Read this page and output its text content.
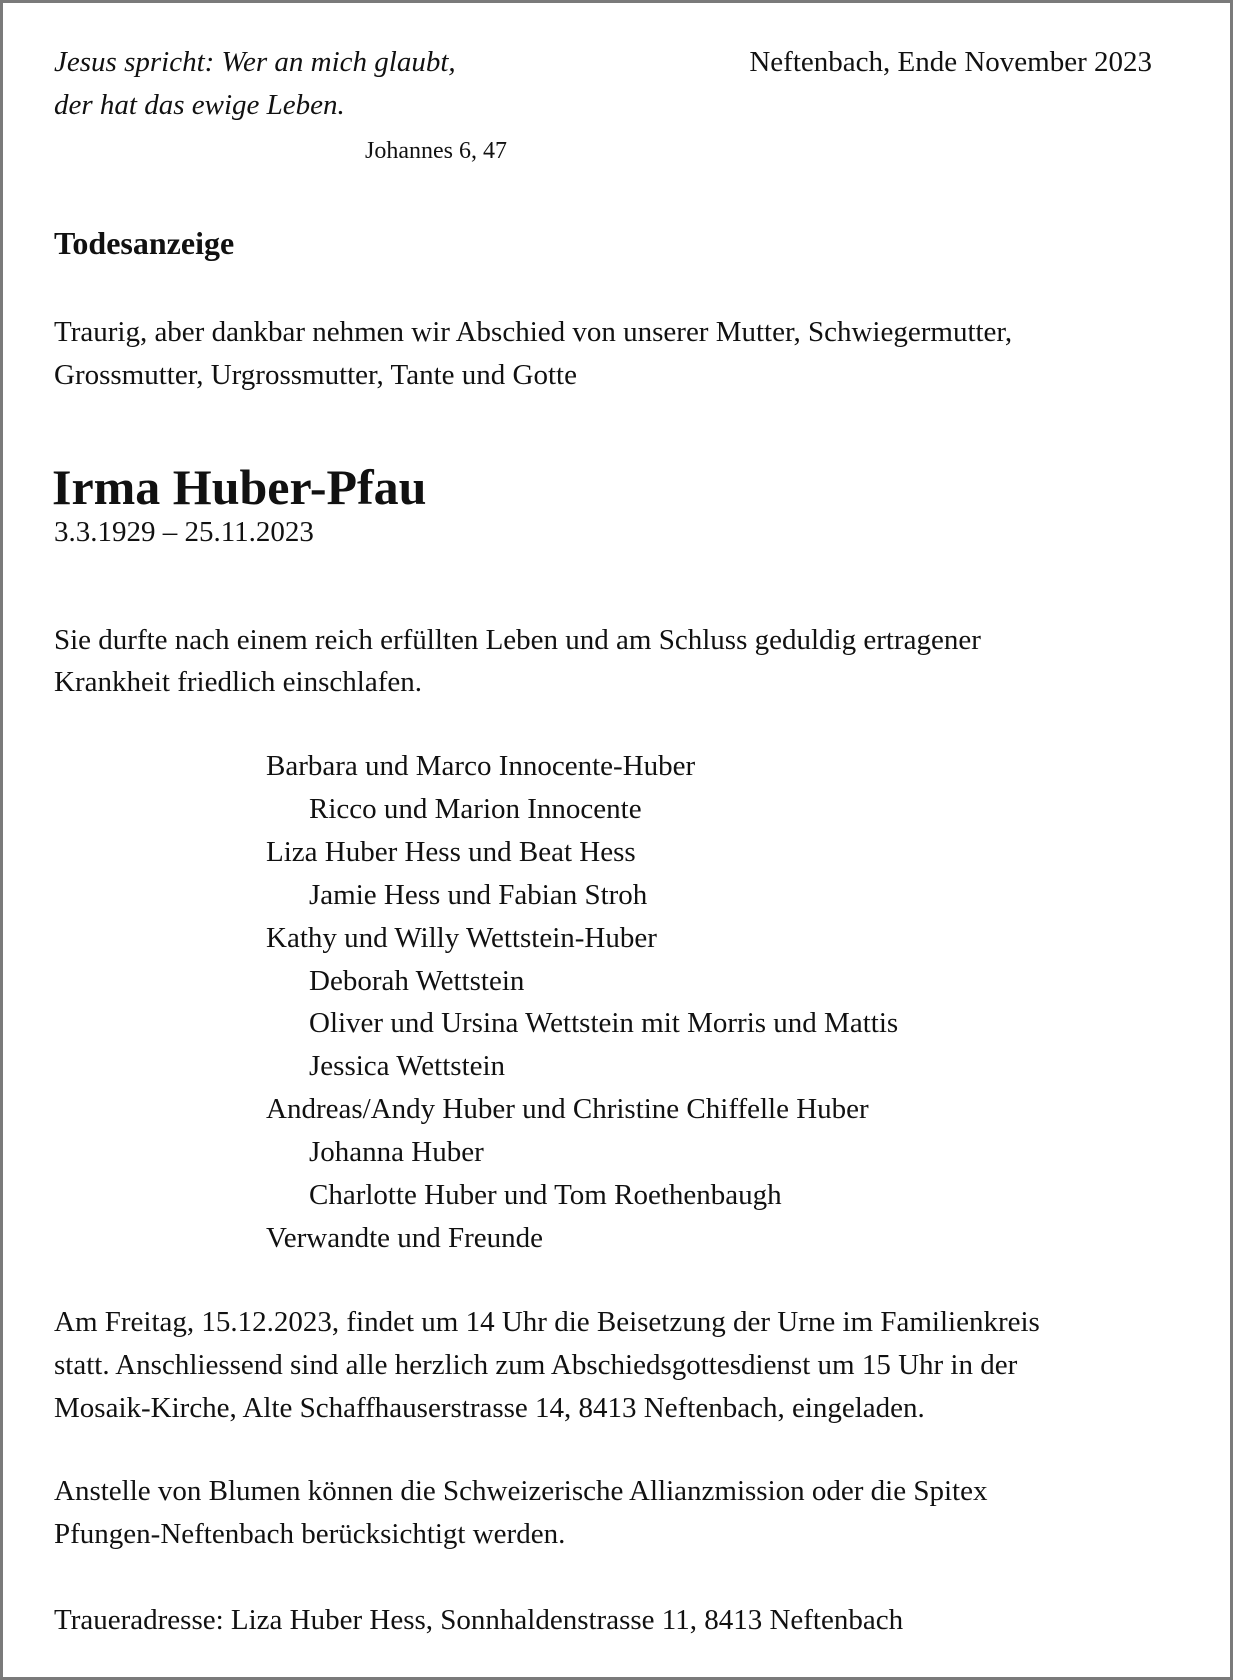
Jesus spricht: Wer an mich glaubt,
der hat das ewige Leben.
Johannes 6, 47
Neftenbach, Ende November 2023
Todesanzeige
Traurig, aber dankbar nehmen wir Abschied von unserer Mutter, Schwiegermutter,
Grossmutter, Urgrossmutter, Tante und Gotte
Irma Huber-Pfau
3.3.1929 – 25.11.2023
Sie durfte nach einem reich erfüllten Leben und am Schluss geduldig ertragener
Krankheit friedlich einschlafen.
Barbara und Marco Innocente-Huber
Ricco und Marion Innocente
Liza Huber Hess und Beat Hess
Jamie Hess und Fabian Stroh
Kathy und Willy Wettstein-Huber
Deborah Wettstein
Oliver und Ursina Wettstein mit Morris und Mattis
Jessica Wettstein
Andreas/Andy Huber und Christine Chiffelle Huber
Johanna Huber
Charlotte Huber und Tom Roethenbaugh
Verwandte und Freunde
Am Freitag, 15.12.2023, findet um 14 Uhr die Beisetzung der Urne im Familienkreis
statt. Anschliessend sind alle herzlich zum Abschiedsgottesdienst um 15 Uhr in der
Mosaik-Kirche, Alte Schaffhauserstrasse 14, 8413 Neftenbach, eingeladen.
Anstelle von Blumen können die Schweizerische Allianzmission oder die Spitex
Pfungen-Neftenbach berücksichtigt werden.
Traueradresse: Liza Huber Hess, Sonnhaldenstrasse 11, 8413 Neftenbach
